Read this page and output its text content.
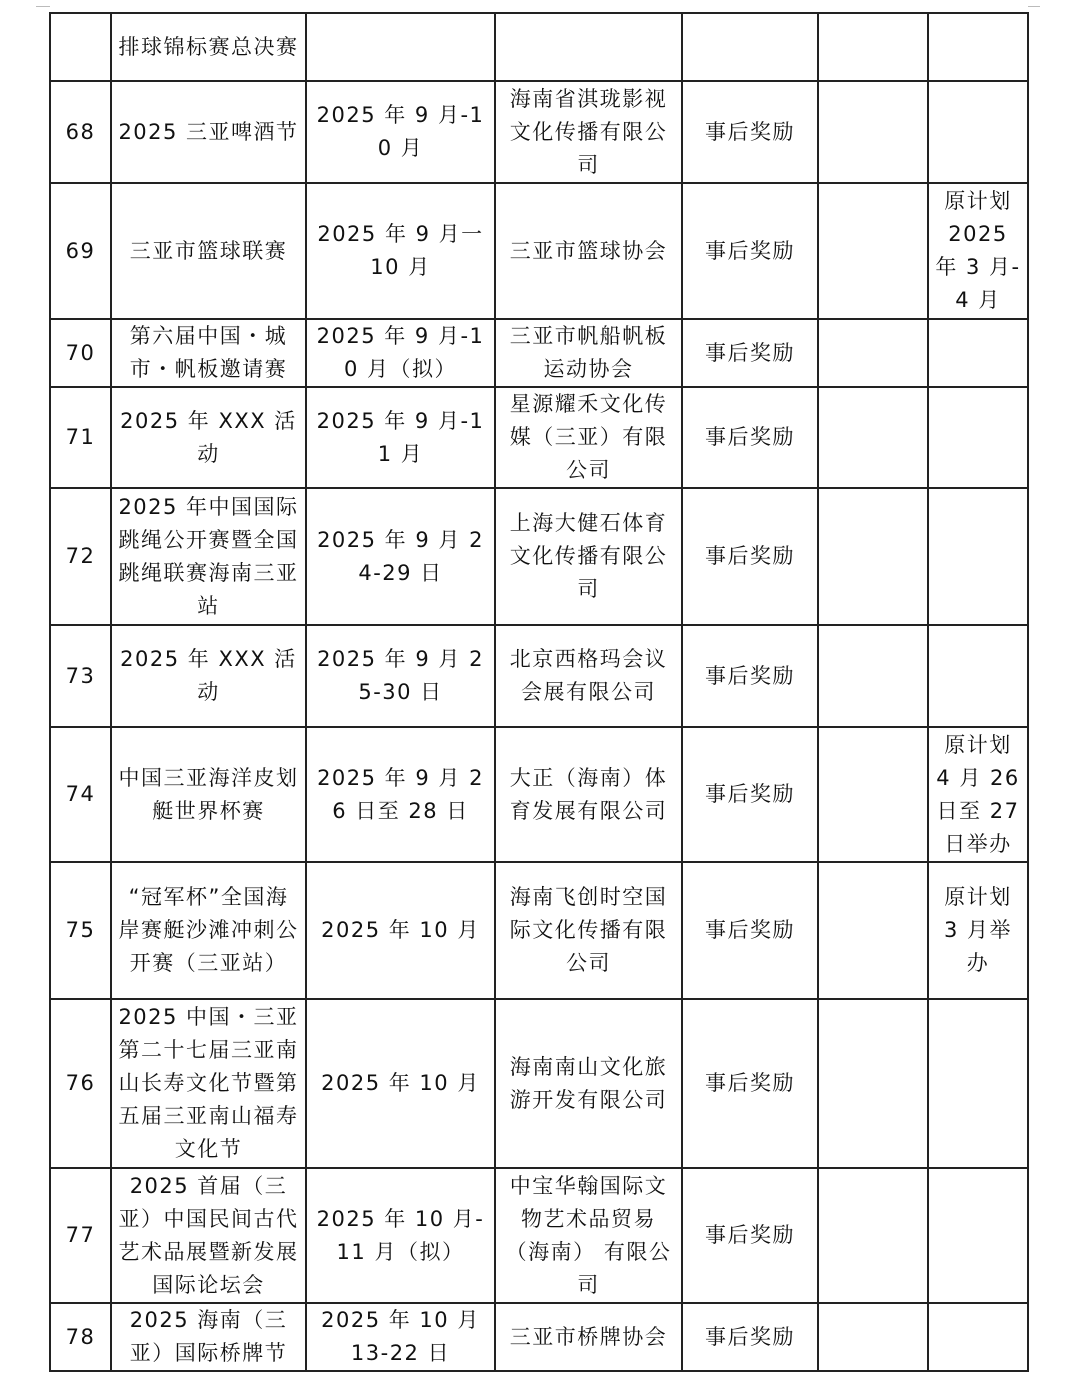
	排球锦标赛总决赛					
68	2025 三亚啤酒节	2025 年 9 月-10 月	海南省淇珑影视文化传播有限公司	事后奖励		
69	三亚市篮球联赛	2025 年 9 月一 10 月	三亚市篮球协会	事后奖励		原计划 2025 年 3 月-4 月
70	第六届中国・城市・帆板邀请赛	2025 年 9 月-10 月（拟）	三亚市帆船帆板运动协会	事后奖励		
71	2025 年 XXX 活动	2025 年 9 月-11 月	星源耀禾文化传媒（三亚）有限公司	事后奖励		
72	2025 年中国国际跳绳公开赛暨全国跳绳联赛海南三亚站	2025 年 9 月 24-29 日	上海大健石体育文化传播有限公司	事后奖励		
73	2025 年 XXX 活动	2025 年 9 月 25-30 日	北京西格玛会议会展有限公司	事后奖励		
74	中国三亚海洋皮划艇世界杯赛	2025 年 9 月 26 日至 28 日	大正（海南）体育发展有限公司	事后奖励		原计划 4 月 26 日至 27 日举办
75	“冠军杯”全国海岸赛艇沙滩冲刺公开赛（三亚站）	2025 年 10 月	海南飞创时空国际文化传播有限公司	事后奖励		原计划 3 月举办
76	2025 中国・三亚第二十七届三亚南山长寿文化节暨第五届三亚南山福寿文化节	2025 年 10 月	海南南山文化旅游开发有限公司	事后奖励		
77	2025 首届（三亚）中国民间古代艺术品展暨新发展国际论坛会	2025 年 10 月-11 月（拟）	中宝华翰国际文物艺术品贸易（海南） 有限公司	事后奖励		
78	2025 海南（三亚）国际桥牌节	2025 年 10 月 13-22 日	三亚市桥牌协会	事后奖励		
